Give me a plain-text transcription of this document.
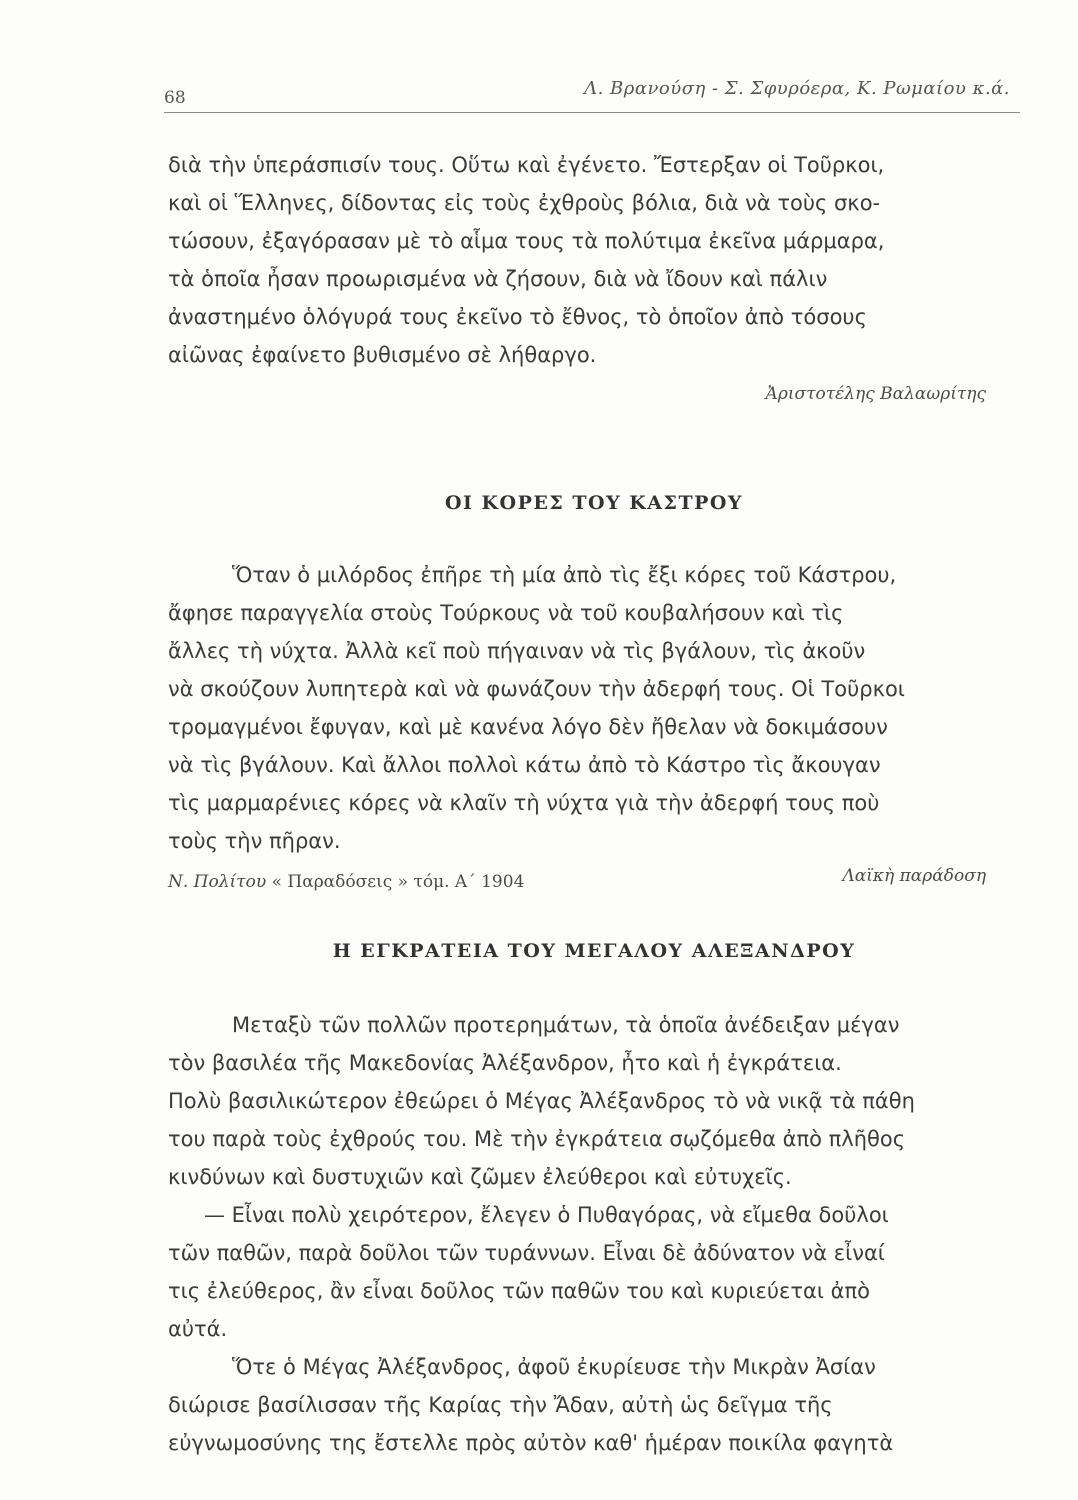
68	Λ. Βρανούση - Σ. Σφυρόερα, Κ. Ρωμαίου κ.ά.

διὰ τὴν ὑπεράσπισίν τους. Οὕτω καὶ ἐγένετο. Ἔστερξαν οἱ Τοῦρκοι,

καὶ οἱ Ἕλληνες, δίδοντας εἰς τοὺς ἐχθροὺς βόλια, διὰ νὰ τοὺς σκο-

τώσουν, ἐξαγόρασαν μὲ τὸ αἷμα τους τὰ πολύτιμα ἐκεῖνα μάρμαρα,

τὰ ὁποῖα ἦσαν προωρισμένα νὰ ζήσουν, διὰ νὰ ἴδουν καὶ πάλιν

ἀναστημένο ὁλόγυρά τους ἐκεῖνο τὸ ἔθνος, τὸ ὁποῖον ἀπὸ τόσους

αἰῶνας ἐφαίνετο βυθισμένο σὲ λήθαργο.

Ἀριστοτέλης Βαλαωρίτης
ΟΙ ΚΟΡΕΣ ΤΟΥ ΚΑΣΤΡΟΥ

Ὅταν ὁ μιλόρδος ἐπῆρε τὴ μία ἀπὸ τὶς ἔξι κόρες τοῦ Κάστρου,

ἄφησε παραγγελία στοὺς Τούρκους νὰ τοῦ κουβαλήσουν καὶ τὶς

ἄλλες τὴ νύχτα. Ἀλλὰ κεῖ ποὺ πήγαιναν νὰ τὶς βγάλουν, τὶς ἀκοῦν

νὰ σκούζουν λυπητερὰ καὶ νὰ φωνάζουν τὴν ἀδερφή τους. Οἱ Τοῦρκοι

τρομαγμένοι ἔφυγαν, καὶ μὲ κανένα λόγο δὲν ἤθελαν νὰ δοκιμάσουν

νὰ τὶς βγάλουν. Καὶ ἄλλοι πολλοὶ κάτω ἀπὸ τὸ Κάστρο τὶς ἄκουγαν

τὶς μαρμαρένιες κόρες νὰ κλαῖν τὴ νύχτα γιὰ τὴν ἀδερφή τους ποὺ

τοὺς τὴν πῆραν.

Ν. Πολίτου « Παραδόσεις » τόμ. Α΄ 1904	Λαϊκὴ παράδοση
Η ΕΓΚΡΑΤΕΙΑ ΤΟΥ ΜΕΓΑΛΟΥ ΑΛΕΞΑΝΔΡΟΥ

Μεταξὺ τῶν πολλῶν προτερημάτων, τὰ ὁποῖα ἀνέδειξαν μέγαν

τὸν βασιλέα τῆς Μακεδονίας Ἀλέξανδρον, ἦτο καὶ ἡ ἐγκράτεια.

Πολὺ βασιλικώτερον ἐθεώρει ὁ Μέγας Ἀλέξανδρος τὸ νὰ νικᾷ τὰ πάθη

του παρὰ τοὺς ἐχθρούς του. Μὲ τὴν ἐγκράτεια σῳζόμεθα ἀπὸ πλῆθος

κινδύνων καὶ δυστυχιῶν καὶ ζῶμεν ἐλεύθεροι καὶ εὐτυχεῖς.

— Εἶναι πολὺ χειρότερον, ἔλεγεν ὁ Πυθαγόρας, νὰ εἴμεθα δοῦλοι

τῶν παθῶν, παρὰ δοῦλοι τῶν τυράννων. Εἶναι δὲ ἀδύνατον νὰ εἶναί

τις ἐλεύθερος, ἂν εἶναι δοῦλος τῶν παθῶν του καὶ κυριεύεται ἀπὸ

αὐτά.

Ὅτε ὁ Μέγας Ἀλέξανδρος, ἀφοῦ ἐκυρίευσε τὴν Μικρὰν Ἀσίαν

διώρισε βασίλισσαν τῆς Καρίας τὴν Ἄδαν, αὐτὴ ὡς δεῖγμα τῆς

εὐγνωμοσύνης της ἔστελλε πρὸς αὐτὸν καθ' ἡμέραν ποικίλα φαγητὰ
